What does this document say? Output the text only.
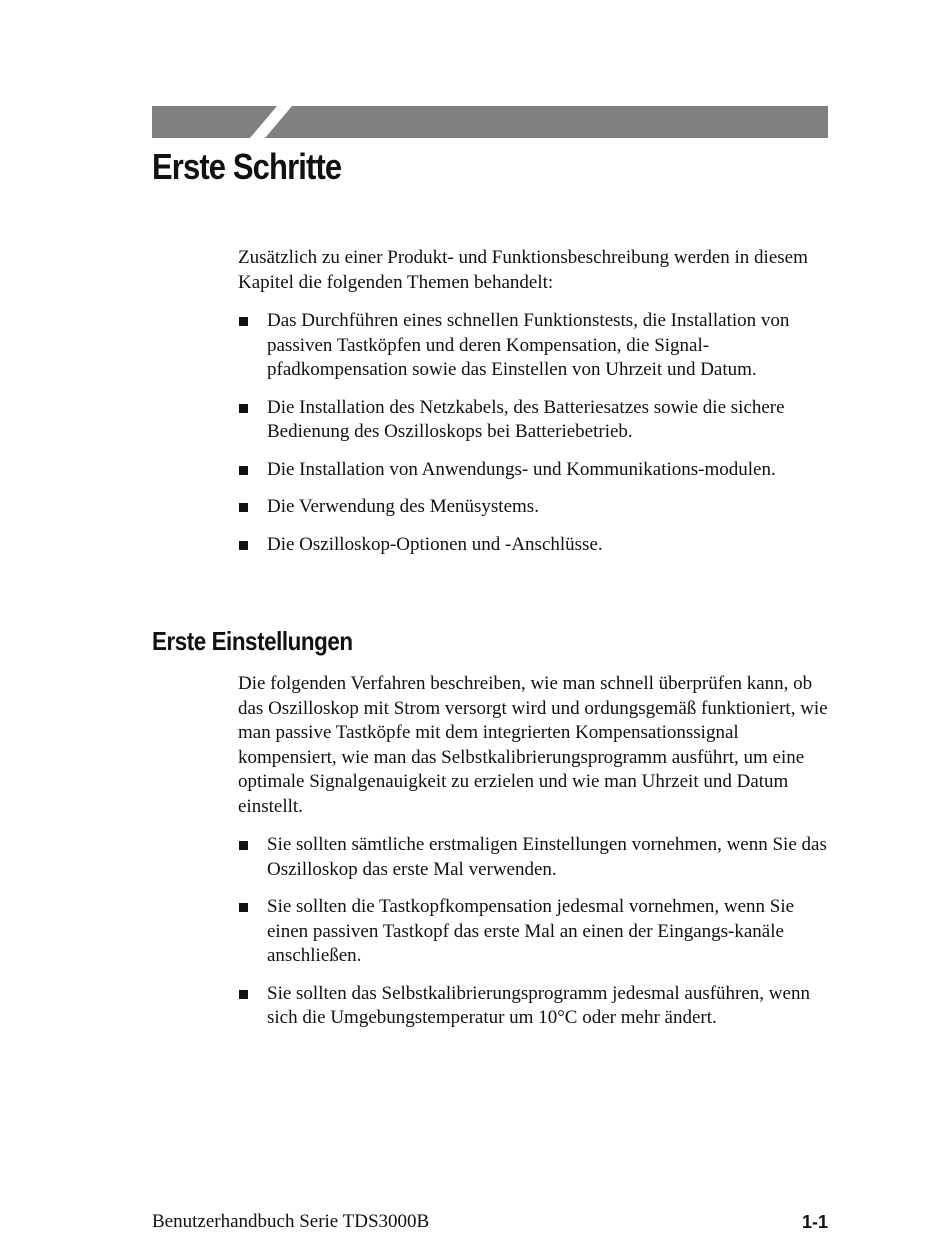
Erste Schritte

Zusätzlich zu einer Produkt- und Funktionsbeschreibung werden in diesem Kapitel die folgenden Themen behandelt:

Das Durchführen eines schnellen Funktionstests, die Installation von passiven Tastköpfen und deren Kompensation, die Signal-pfadkompensation sowie das Einstellen von Uhrzeit und Datum.
Die Installation des Netzkabels, des Batteriesatzes sowie die sichere Bedienung des Oszilloskops bei Batteriebetrieb.
Die Installation von Anwendungs- und Kommunikations-modulen.
Die Verwendung des Menüsystems.
Die Oszilloskop-Optionen und -Anschlüsse.
Erste Einstellungen

Die folgenden Verfahren beschreiben, wie man schnell überprüfen kann, ob das Oszilloskop mit Strom versorgt wird und ordungsgemäß funktioniert, wie man passive Tastköpfe mit dem integrierten Kompensationssignal kompensiert, wie man das Selbstkalibrierungsprogramm ausführt, um eine optimale Signalgenauigkeit zu erzielen und wie man Uhrzeit und Datum einstellt.

Sie sollten sämtliche erstmaligen Einstellungen vornehmen, wenn Sie das Oszilloskop das erste Mal verwenden.
Sie sollten die Tastkopfkompensation jedesmal vornehmen, wenn Sie einen passiven Tastkopf das erste Mal an einen der Eingangs-kanäle anschließen.
Sie sollten das Selbstkalibrierungsprogramm jedesmal ausführen, wenn sich die Umgebungstemperatur um 10°C oder mehr ändert.
Benutzerhandbuch Serie TDS3000B	1-1
